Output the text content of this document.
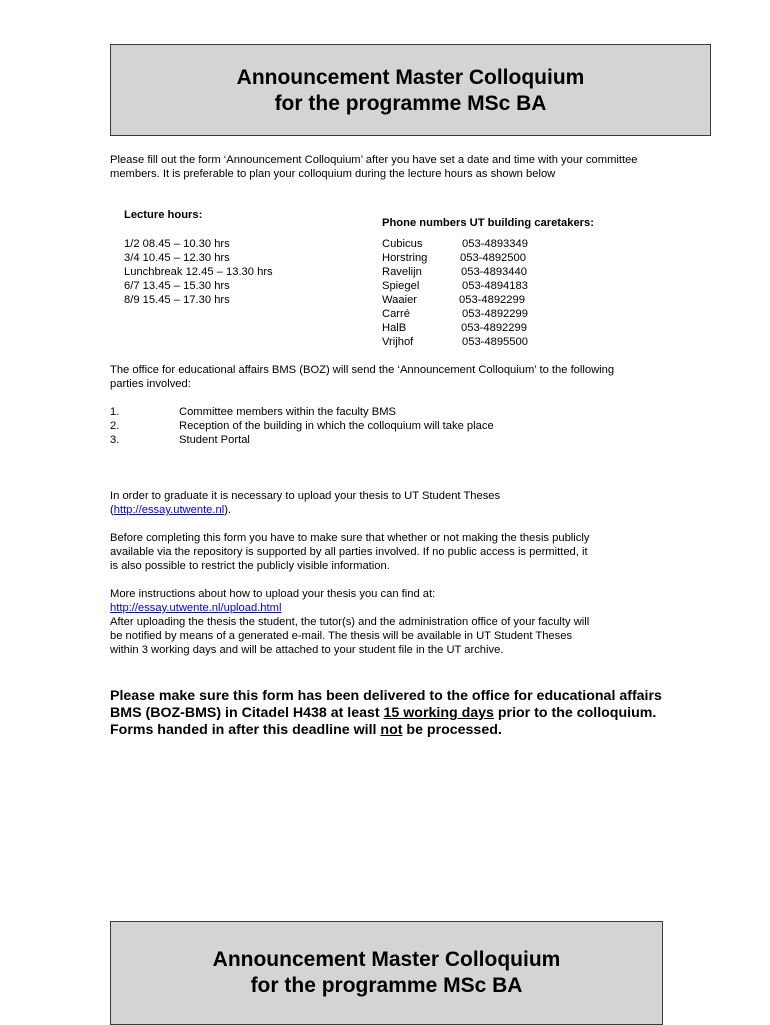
Announcement Master Colloquium
for the programme MSc BA
Please fill out the form ‘Announcement Colloquium’ after you have set a date and time with your committee
members. It is preferable to plan your colloquium during the lecture hours as shown below
Lecture hours:
1/2 08.45 – 10.30 hrs
3/4 10.45 – 12.30 hrs
Lunchbreak 12.45 – 13.30 hrs
6/7 13.45 – 15.30 hrs
8/9 15.45 – 17.30 hrs
Phone numbers UT building caretakers:
Cubicus	053-4893349
Horstring	053-4892500
Ravelijn	053-4893440
Spiegel	053-4894183
Waaier	053-4892299
Carré	053-4892299
HalB	053-4892299
Vrijhof	053-4895500
The office for educational affairs BMS (BOZ) will send the ‘Announcement Colloquium’ to the following
parties involved:
1.	Committee members within the faculty BMS
2.	Reception of the building in which the colloquium will take place
3.	Student Portal
In order to graduate it is necessary to upload your thesis to UT Student Theses
(http://essay.utwente.nl).
Before completing this form you have to make sure that whether or not making the thesis publicly
available via the repository is supported by all parties involved. If no public access is permitted, it
is also possible to restrict the publicly visible information.
More instructions about how to upload your thesis you can find at:
http://essay.utwente.nl/upload.html
After uploading the thesis the student, the tutor(s) and the administration office of your faculty will
be notified by means of a generated e-mail. The thesis will be available in UT Student Theses
within 3 working days and will be attached to your student file in the UT archive.
Please make sure this form has been delivered to the office for educational affairs
BMS (BOZ-BMS) in Citadel H438 at least 15 working days prior to the colloquium.
Forms handed in after this deadline will not be processed.
Announcement Master Colloquium
for the programme MSc BA
